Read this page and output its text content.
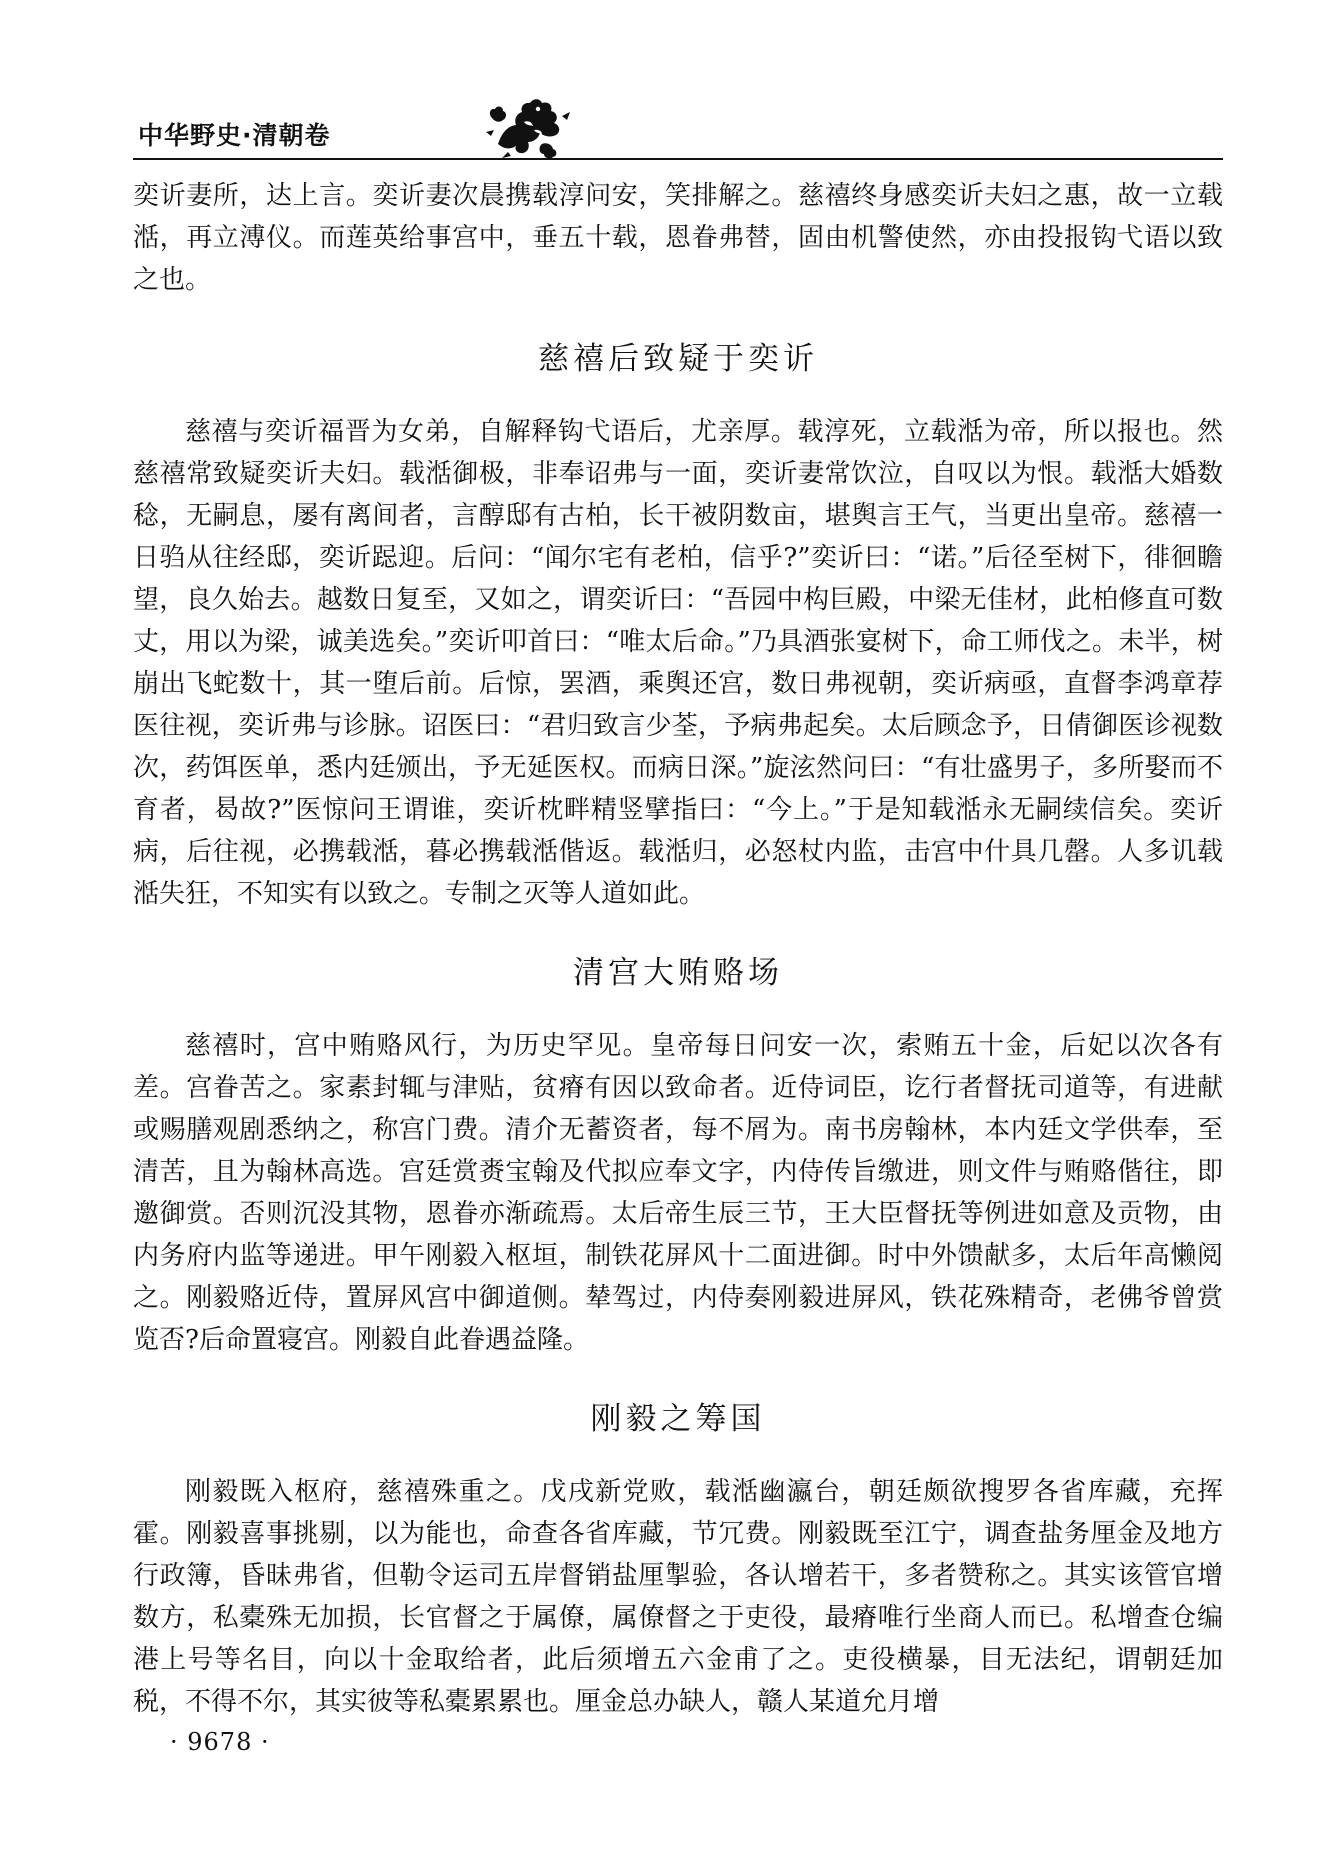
中华野史·清朝卷

奕䜣妻所，达上言。奕䜣妻次晨携载淳问安，笑排解之。慈禧终身感奕䜣夫妇之惠，故一立载湉，再立溥仪。而莲英给事宫中，垂五十载，恩眷弗替，固由机警使然，亦由投报钩弋语以致之也。

慈禧后致疑于奕䜣

慈禧与奕䜣福晋为女弟，自解释钩弋语后，尤亲厚。载淳死，立载湉为帝，所以报也。然慈禧常致疑奕䜣夫妇。载湉御极，非奉诏弗与一面，奕䜣妻常饮泣，自叹以为恨。载湉大婚数稔，无嗣息，屡有离间者，言醇邸有古柏，长干被阴数亩，堪舆言王气，当更出皇帝。慈禧一日驺从往经邸，奕䜣跽迎。后问：“闻尔宅有老柏，信乎?”奕䜣曰：“诺。”后径至树下，徘徊瞻望，良久始去。越数日复至，又如之，谓奕䜣曰：“吾园中构巨殿，中梁无佳材，此柏修直可数丈，用以为梁，诚美选矣。”奕䜣叩首曰：“唯太后命。”乃具酒张宴树下，命工师伐之。未半，树崩出飞蛇数十，其一堕后前。后惊，罢酒，乘舆还宫，数日弗视朝，奕䜣病亟，直督李鸿章荐医往视，奕䜣弗与诊脉。诏医曰：“君归致言少荃，予病弗起矣。太后顾念予，日倩御医诊视数次，药饵医单，悉内廷颁出，予无延医权。而病日深。”旋泫然问曰：“有壮盛男子，多所娶而不育者，曷故?”医惊问王谓谁，奕䜣枕畔精竖擘指曰：“今上。”于是知载湉永无嗣续信矣。奕䜣病，后往视，必携载湉，暮必携载湉偕返。载湉归，必怒杖内监，击宫中什具几罄。人多讥载湉失狂，不知实有以致之。专制之灭等人道如此。

清宫大贿赂场

慈禧时，宫中贿赂风行，为历史罕见。皇帝每日问安一次，索贿五十金，后妃以次各有差。宫眷苦之。家素封辄与津贴，贫瘠有因以致命者。近侍词臣，讫行者督抚司道等，有进献或赐膳观剧悉纳之，称宫门费。清介无蓄资者，每不屑为。南书房翰林，本内廷文学供奉，至清苦，且为翰林高选。宫廷赏赉宝翰及代拟应奉文字，内侍传旨缴进，则文件与贿赂偕往，即邀御赏。否则沉没其物，恩眷亦渐疏焉。太后帝生辰三节，王大臣督抚等例进如意及贡物，由内务府内监等递进。甲午刚毅入枢垣，制铁花屏风十二面进御。时中外馈献多，太后年高懒阅之。刚毅赂近侍，置屏风宫中御道侧。辇驾过，内侍奏刚毅进屏风，铁花殊精奇，老佛爷曾赏览否?后命置寝宫。刚毅自此眷遇益隆。

刚毅之筹国

刚毅既入枢府，慈禧殊重之。戊戌新党败，载湉幽瀛台，朝廷颇欲搜罗各省库藏，充挥霍。刚毅喜事挑剔，以为能也，命查各省库藏，节冗费。刚毅既至江宁，调查盐务厘金及地方行政簿，昏昧弗省，但勒令运司五岸督销盐厘掣验，各认增若干，多者赞称之。其实该管官增数方，私橐殊无加损，长官督之于属僚，属僚督之于吏役，最瘠唯行坐商人而已。私增查仓编港上号等名目，向以十金取给者，此后须增五六金甫了之。吏役横暴，目无法纪，谓朝廷加税，不得不尔，其实彼等私橐累累也。厘金总办缺人，赣人某道允月增

· 9678 ·
